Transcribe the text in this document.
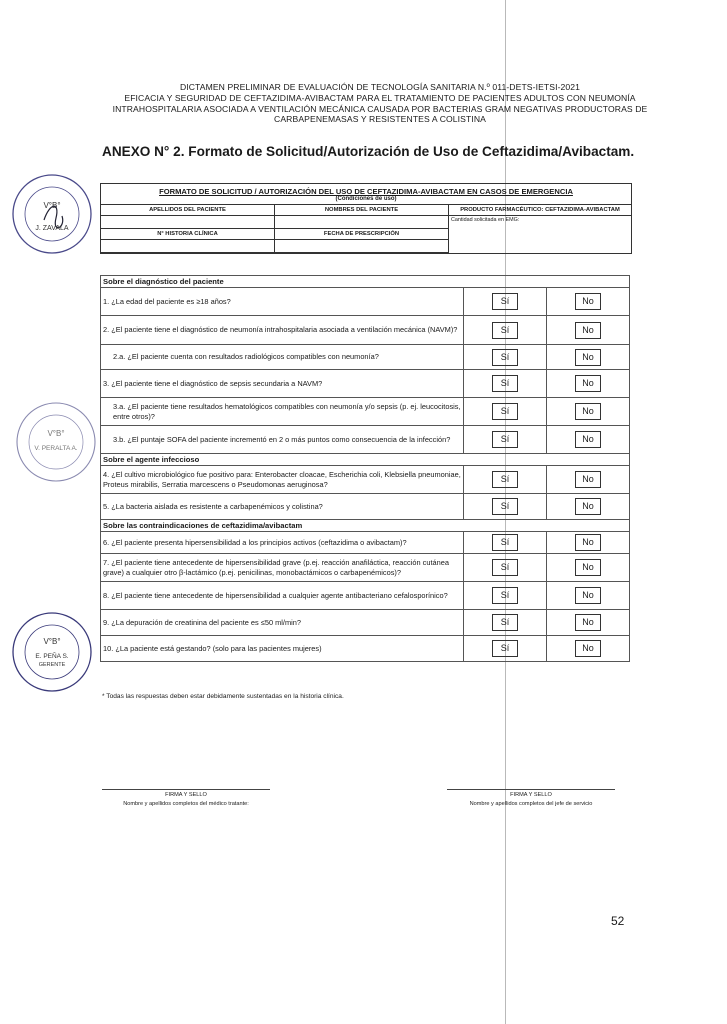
DICTAMEN PRELIMINAR DE EVALUACIÓN DE TECNOLOGÍA SANITARIA N.º 011-DETS-IETSI-2021
EFICACIA Y SEGURIDAD DE CEFTAZIDIMA-AVIBACTAM PARA EL TRATAMIENTO DE PACIENTES ADULTOS CON NEUMONÍA
INTRAHOSPITALARIA ASOCIADA A VENTILACIÓN MECÁNICA CAUSADA POR BACTERIAS GRAM NEGATIVAS PRODUCTORAS DE
CARBAPENEMASAS Y RESISTENTES A COLISTINA
ANEXO N° 2. Formato de Solicitud/Autorización de Uso de Ceftazidima/Avibactam.
V°B°
J. ZAVALA
V°B°
V. PERALTA A.
V°B°
E. PEÑA S.
GERENTE
FORMATO DE SOLICITUD / AUTORIZACIÓN DEL USO DE CEFTAZIDIMA-AVIBACTAM EN CASOS DE EMERGENCIA
(Condiciones de uso)
APELLIDOS DEL PACIENTE	NOMBRES DEL PACIENTE	PRODUCTO FARMACÉUTICO: CEFTAZIDIMA-AVIBACTAM
Cantidad solicitada en EMG:
N° HISTORIA CLÍNICA	FECHA DE PRESCRIPCIÓN
Sobre el diagnóstico del paciente		
1. ¿La edad del paciente es ≥18 años?	Sí	No
2. ¿El paciente tiene el diagnóstico de neumonía intrahospitalaria asociada a ventilación mecánica (NAVM)?	Sí	No
2.a. ¿El paciente cuenta con resultados radiológicos compatibles con neumonía?	Sí	No
3. ¿El paciente tiene el diagnóstico de sepsis secundaria a NAVM?	Sí	No
3.a. ¿El paciente tiene resultados hematológicos compatibles con neumonía y/o sepsis (p. ej. leucocitosis, entre otros)?	Sí	No
3.b. ¿El puntaje SOFA del paciente incrementó en 2 o más puntos como consecuencia de la infección?	Sí	No
Sobre el agente infeccioso		
4. ¿El cultivo microbiológico fue positivo para: Enterobacter cloacae, Escherichia coli, Klebsiella pneumoniae, Proteus mirabilis, Serratia marcescens o Pseudomonas aeruginosa?	Sí	No
5. ¿La bacteria aislada es resistente a carbapenémicos y colistina?	Sí	No
Sobre las contraindicaciones de ceftazidima/avibactam		
6. ¿El paciente presenta hipersensibilidad a los principios activos (ceftazidima o avibactam)?	Sí	No
7. ¿El paciente tiene antecedente de hipersensibilidad grave (p.ej. reacción anafiláctica, reacción cutánea grave) a cualquier otro β-lactámico (p.ej. penicilinas, monobactámicos o carbapenémicos)?	Sí	No
8. ¿El paciente tiene antecedente de hipersensibilidad a cualquier agente antibacteriano cefalosporínico?	Sí	No
9. ¿La depuración de creatinina del paciente es ≤50 ml/min?	Sí	No
10. ¿La paciente está gestando? (solo para las pacientes mujeres)	Sí	No
* Todas las respuestas deben estar debidamente sustentadas en la historia clínica.
FIRMA Y SELLO
Nombre y apellidos completos del médico tratante:
FIRMA Y SELLO
Nombre y apellidos completos del jefe de servicio
52
